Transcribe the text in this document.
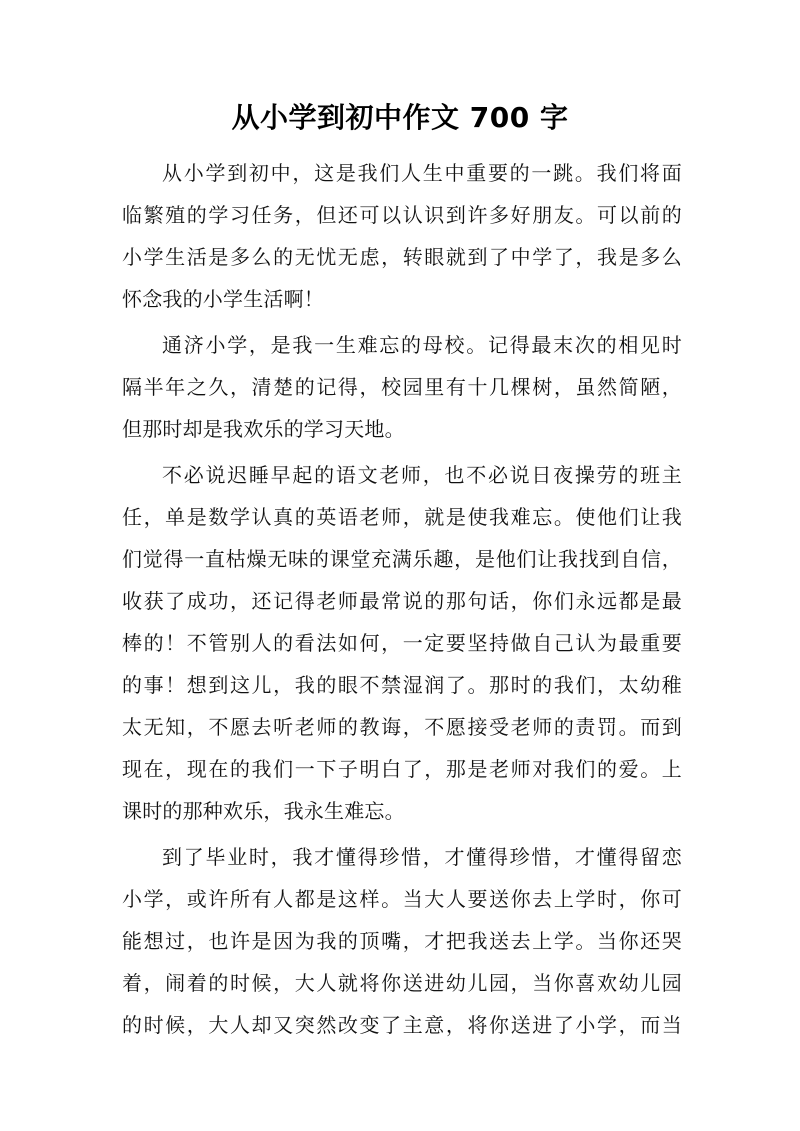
从小学到初中作文 700 字
从小学到初中，这是我们人生中重要的一跳。我们将面
临繁殖的学习任务，但还可以认识到许多好朋友。可以前的
小学生活是多么的无忧无虑，转眼就到了中学了，我是多么
怀念我的小学生活啊！
通济小学，是我一生难忘的母校。记得最末次的相见时
隔半年之久，清楚的记得，校园里有十几棵树，虽然简陋，
但那时却是我欢乐的学习天地。
不必说迟睡早起的语文老师，也不必说日夜操劳的班主
任，单是数学认真的英语老师，就是使我难忘。使他们让我
们觉得一直枯燥无味的课堂充满乐趣，是他们让我找到自信，
收获了成功，还记得老师最常说的那句话，你们永远都是最
棒的！不管别人的看法如何，一定要坚持做自己认为最重要
的事！想到这儿，我的眼不禁湿润了。那时的我们，太幼稚
太无知，不愿去听老师的教诲，不愿接受老师的责罚。而到
现在，现在的我们一下子明白了，那是老师对我们的爱。上
课时的那种欢乐，我永生难忘。
到了毕业时，我才懂得珍惜，才懂得珍惜，才懂得留恋
小学，或许所有人都是这样。当大人要送你去上学时，你可
能想过，也许是因为我的顶嘴，才把我送去上学。当你还哭
着，闹着的时候，大人就将你送进幼儿园，当你喜欢幼儿园
的时候，大人却又突然改变了主意，将你送进了小学，而当
